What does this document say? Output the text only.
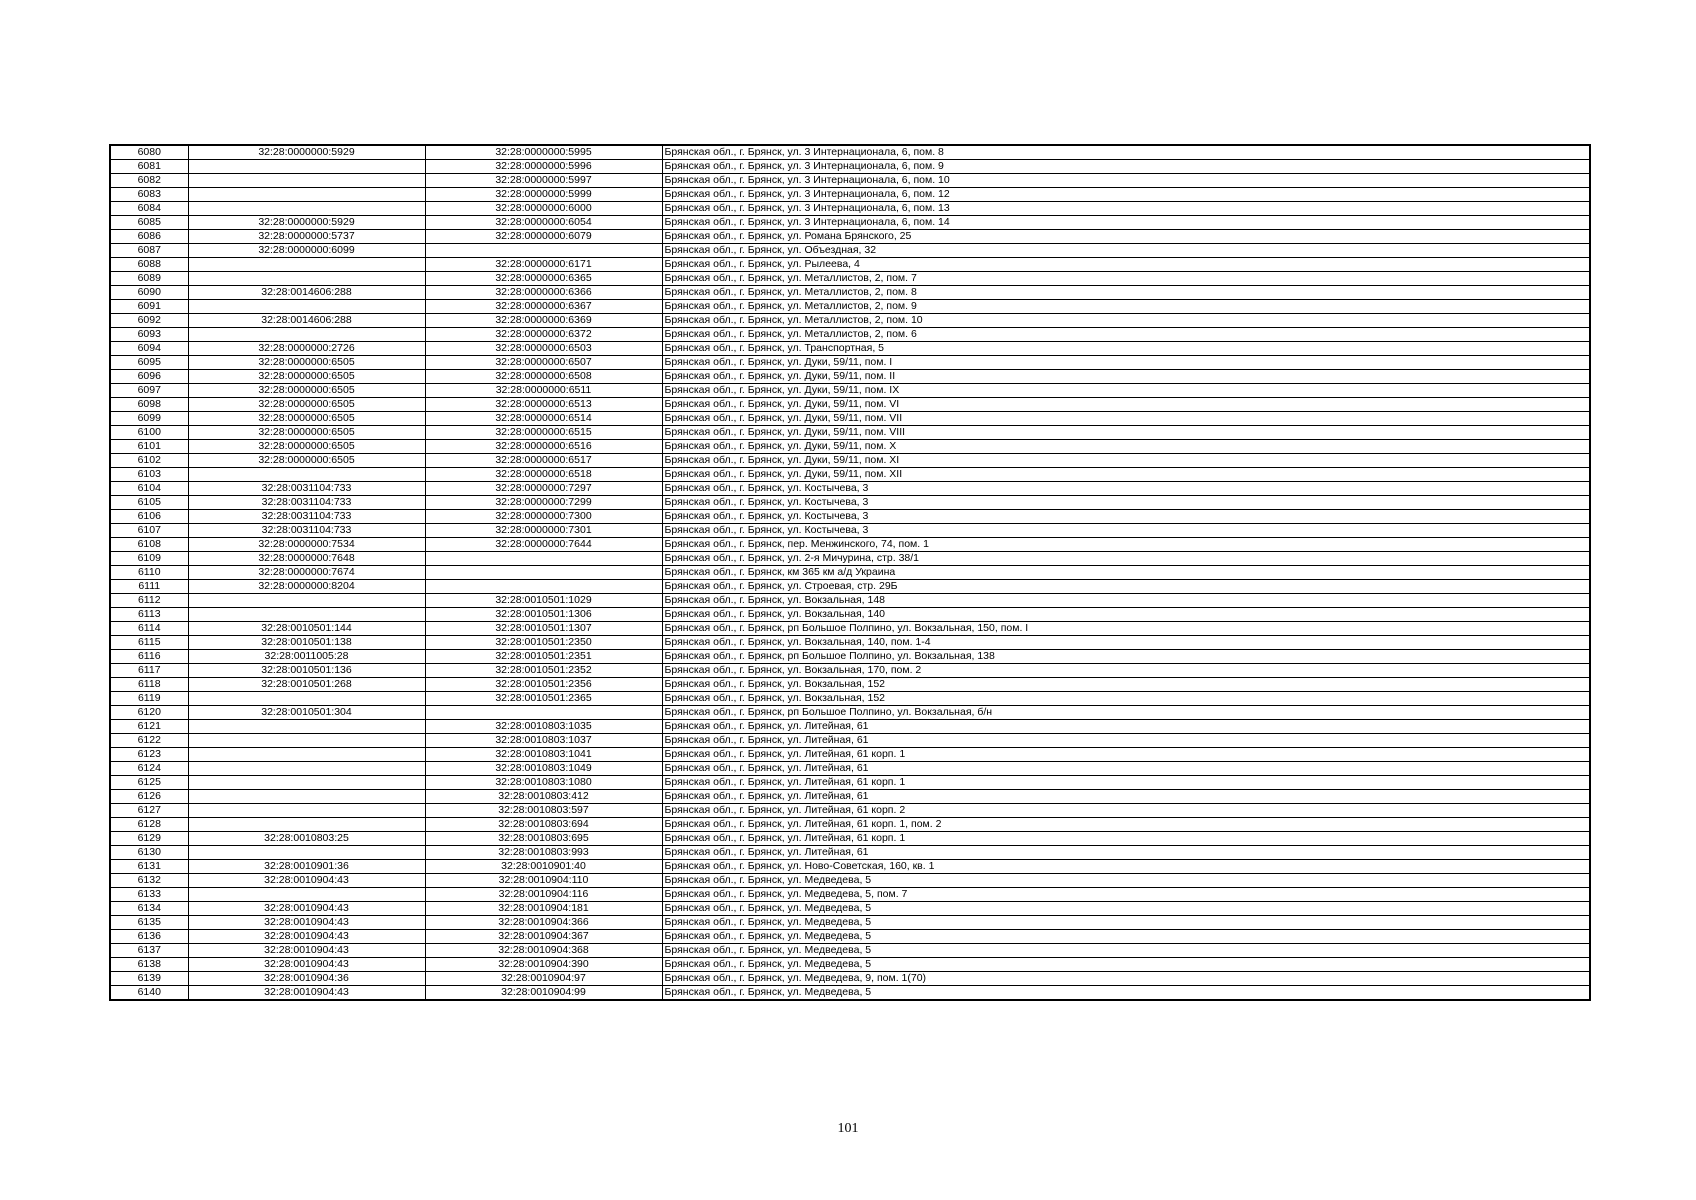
6080	32:28:0000000:5929	32:28:0000000:5995	Брянская обл., г. Брянск, ул. 3 Интернационала, 6, пом. 8
6081		32:28:0000000:5996	Брянская обл., г. Брянск, ул. 3 Интернационала, 6, пом. 9
6082		32:28:0000000:5997	Брянская обл., г. Брянск, ул. 3 Интернационала, 6, пом. 10
6083		32:28:0000000:5999	Брянская обл., г. Брянск, ул. 3 Интернационала, 6, пом. 12
6084		32:28:0000000:6000	Брянская обл., г. Брянск, ул. 3 Интернационала, 6, пом. 13
6085	32:28:0000000:5929	32:28:0000000:6054	Брянская обл., г. Брянск, ул. 3 Интернационала, 6, пом. 14
6086	32:28:0000000:5737	32:28:0000000:6079	Брянская обл., г. Брянск, ул. Романа Брянского, 25
6087	32:28:0000000:6099		Брянская обл., г. Брянск, ул. Объездная, 32
6088		32:28:0000000:6171	Брянская обл., г. Брянск, ул. Рылеева, 4
6089		32:28:0000000:6365	Брянская обл., г. Брянск, ул. Металлистов, 2, пом. 7
6090	32:28:0014606:288	32:28:0000000:6366	Брянская обл., г. Брянск, ул. Металлистов, 2, пом. 8
6091		32:28:0000000:6367	Брянская обл., г. Брянск, ул. Металлистов, 2, пом. 9
6092	32:28:0014606:288	32:28:0000000:6369	Брянская обл., г. Брянск, ул. Металлистов, 2, пом. 10
6093		32:28:0000000:6372	Брянская обл., г. Брянск, ул. Металлистов, 2, пом. 6
6094	32:28:0000000:2726	32:28:0000000:6503	Брянская обл., г. Брянск, ул. Транспортная, 5
6095	32:28:0000000:6505	32:28:0000000:6507	Брянская обл., г. Брянск, ул. Дуки, 59/11, пом. I
6096	32:28:0000000:6505	32:28:0000000:6508	Брянская обл., г. Брянск, ул. Дуки, 59/11, пом. II
6097	32:28:0000000:6505	32:28:0000000:6511	Брянская обл., г. Брянск, ул. Дуки, 59/11, пом. IX
6098	32:28:0000000:6505	32:28:0000000:6513	Брянская обл., г. Брянск, ул. Дуки, 59/11, пом. VI
6099	32:28:0000000:6505	32:28:0000000:6514	Брянская обл., г. Брянск, ул. Дуки, 59/11, пом. VII
6100	32:28:0000000:6505	32:28:0000000:6515	Брянская обл., г. Брянск, ул. Дуки, 59/11, пом. VIII
6101	32:28:0000000:6505	32:28:0000000:6516	Брянская обл., г. Брянск, ул. Дуки, 59/11, пом. X
6102	32:28:0000000:6505	32:28:0000000:6517	Брянская обл., г. Брянск, ул. Дуки, 59/11, пом. XI
6103		32:28:0000000:6518	Брянская обл., г. Брянск, ул. Дуки, 59/11, пом. XII
6104	32:28:0031104:733	32:28:0000000:7297	Брянская обл., г. Брянск, ул. Костычева, 3
6105	32:28:0031104:733	32:28:0000000:7299	Брянская обл., г. Брянск, ул. Костычева, 3
6106	32:28:0031104:733	32:28:0000000:7300	Брянская обл., г. Брянск, ул. Костычева, 3
6107	32:28:0031104:733	32:28:0000000:7301	Брянская обл., г. Брянск, ул. Костычева, 3
6108	32:28:0000000:7534	32:28:0000000:7644	Брянская обл., г. Брянск, пер. Менжинского, 74, пом. 1
6109	32:28:0000000:7648		Брянская обл., г. Брянск, ул. 2-я Мичурина, стр. 38/1
6110	32:28:0000000:7674		Брянская обл., г. Брянск, км 365 км а/д Украина
6111	32:28:0000000:8204		Брянская обл., г. Брянск, ул. Строевая, стр. 29Б
6112		32:28:0010501:1029	Брянская обл., г. Брянск, ул. Вокзальная, 148
6113		32:28:0010501:1306	Брянская обл., г. Брянск, ул. Вокзальная, 140
6114	32:28:0010501:144	32:28:0010501:1307	Брянская обл., г. Брянск, рп Большое Полпино, ул. Вокзальная, 150, пом. I
6115	32:28:0010501:138	32:28:0010501:2350	Брянская обл., г. Брянск, ул. Вокзальная, 140, пом. 1-4
6116	32:28:0011005:28	32:28:0010501:2351	Брянская обл., г. Брянск, рп Большое Полпино, ул. Вокзальная, 138
6117	32:28:0010501:136	32:28:0010501:2352	Брянская обл., г. Брянск, ул. Вокзальная, 170, пом. 2
6118	32:28:0010501:268	32:28:0010501:2356	Брянская обл., г. Брянск, ул. Вокзальная, 152
6119		32:28:0010501:2365	Брянская обл., г. Брянск, ул. Вокзальная, 152
6120	32:28:0010501:304		Брянская обл., г. Брянск, рп Большое Полпино, ул. Вокзальная, б/н
6121		32:28:0010803:1035	Брянская обл., г. Брянск, ул. Литейная, 61
6122		32:28:0010803:1037	Брянская обл., г. Брянск, ул. Литейная, 61
6123		32:28:0010803:1041	Брянская обл., г. Брянск, ул. Литейная, 61 корп. 1
6124		32:28:0010803:1049	Брянская обл., г. Брянск, ул. Литейная, 61
6125		32:28:0010803:1080	Брянская обл., г. Брянск, ул. Литейная, 61 корп. 1
6126		32:28:0010803:412	Брянская обл., г. Брянск, ул. Литейная, 61
6127		32:28:0010803:597	Брянская обл., г. Брянск, ул. Литейная, 61 корп. 2
6128		32:28:0010803:694	Брянская обл., г. Брянск, ул. Литейная, 61 корп. 1, пом. 2
6129	32:28:0010803:25	32:28:0010803:695	Брянская обл., г. Брянск, ул. Литейная, 61 корп. 1
6130		32:28:0010803:993	Брянская обл., г. Брянск, ул. Литейная, 61
6131	32:28:0010901:36	32:28:0010901:40	Брянская обл., г. Брянск, ул. Ново-Советская, 160, кв. 1
6132	32:28:0010904:43	32:28:0010904:110	Брянская обл., г. Брянск, ул. Медведева, 5
6133		32:28:0010904:116	Брянская обл., г. Брянск, ул. Медведева, 5, пом. 7
6134	32:28:0010904:43	32:28:0010904:181	Брянская обл., г. Брянск, ул. Медведева, 5
6135	32:28:0010904:43	32:28:0010904:366	Брянская обл., г. Брянск, ул. Медведева, 5
6136	32:28:0010904:43	32:28:0010904:367	Брянская обл., г. Брянск, ул. Медведева, 5
6137	32:28:0010904:43	32:28:0010904:368	Брянская обл., г. Брянск, ул. Медведева, 5
6138	32:28:0010904:43	32:28:0010904:390	Брянская обл., г. Брянск, ул. Медведева, 5
6139	32:28:0010904:36	32:28:0010904:97	Брянская обл., г. Брянск, ул. Медведева, 9, пом. 1(70)
6140	32:28:0010904:43	32:28:0010904:99	Брянская обл., г. Брянск, ул. Медведева, 5
101
